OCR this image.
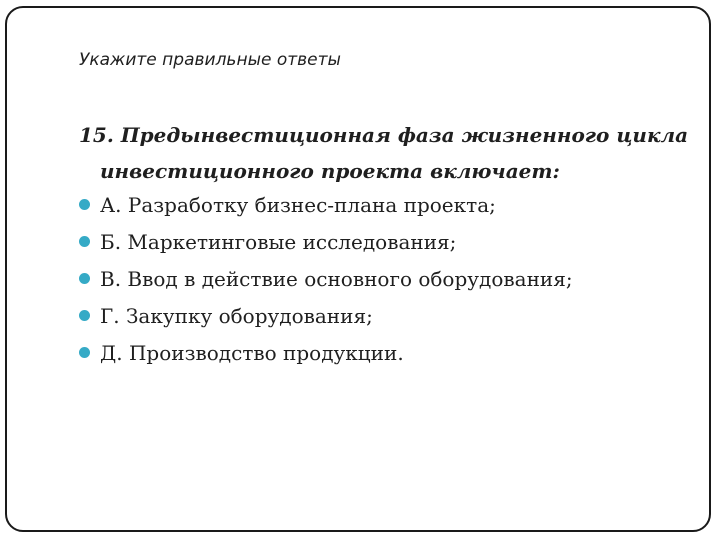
Укажите правильные ответы

15. Предынвестиционная фаза жизненного цикла инвестиционного проекта включает:

А. Разработку бизнес-плана проекта;
Б. Маркетинговые исследования;
В. Ввод в действие основного оборудования;
Г. Закупку оборудования;
Д. Производство продукции.
